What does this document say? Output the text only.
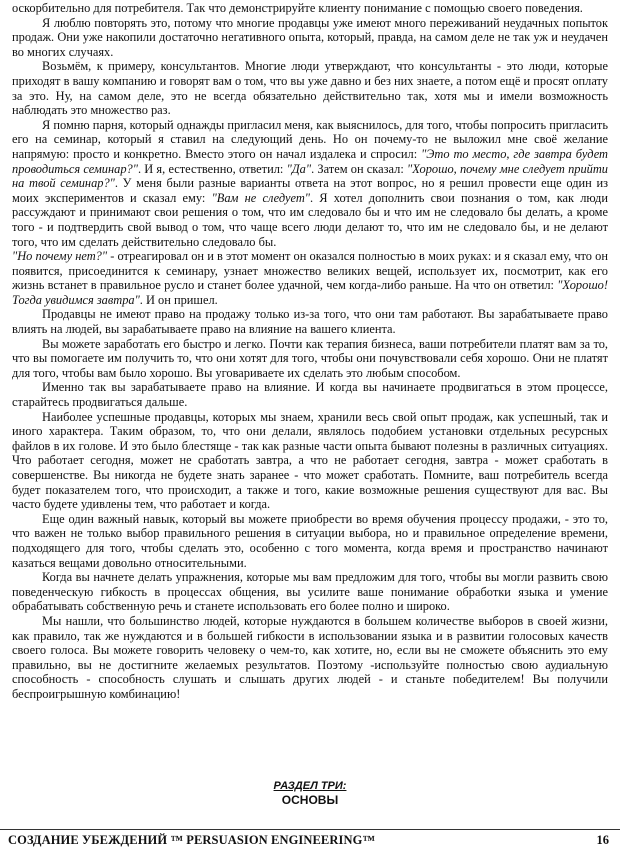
оскорбительно для потребителя. Так что демонстрируйте клиенту понимание с помощью своего поведения.

Я люблю повторять это, потому что многие продавцы уже имеют много переживаний неудачных попыток продаж. Они уже накопили достаточно негативного опыта, который, правда, на самом деле не так уж и неудачен во многих случаях.

Возьмём, к примеру, консультантов. Многие люди утверждают, что консультанты - это люди, которые приходят в вашу компанию и говорят вам о том, что вы уже давно и без них знаете, а потом ещё и просят оплату за это. Ну, на самом деле, это не всегда обязательно действительно так, хотя мы и имели возможность наблюдать это множество раз.

Я помню парня, который однажды пригласил меня, как выяснилось, для того, чтобы попросить пригласить его на семинар, который я ставил на следующий день. Но он почему-то не выложил мне своё желание напрямую: просто и конкретно. Вместо этого он начал издалека и спросил: "Это то место, где завтра будет проводиться семинар?". И я, естественно, ответил: "Да". Затем он сказал: "Хорошо, почему мне следует прийти на твой семинар?". У меня были разные варианты ответа на этот вопрос, но я решил провести еще один из моих экспериментов и сказал ему: "Вам не следует". Я хотел дополнить свои познания о том, как люди рассуждают и принимают свои решения о том, что им следовало бы и что им не следовало бы делать, а кроме того - и подтвердить свой вывод о том, что чаще всего люди делают то, что им не следовало бы, и не делают того, что им сделать действительно следовало бы.

"Но почему нет?" - отреагировал он и в этот момент он оказался полностью в моих руках: и я сказал ему, что он появится, присоединится к семинару, узнает множество великих вещей, использует их, посмотрит, как его жизнь встанет в правильное русло и станет более удачной, чем когда-либо раньше. На что он ответил: "Хорошо! Тогда увидимся завтра". И он пришел.

Продавцы не имеют право на продажу только из-за того, что они там работают. Вы зарабатываете право влиять на людей, вы зарабатываете право на влияние на вашего клиента.

Вы можете заработать его быстро и легко. Почти как терапия бизнеса, ваши потребители платят вам за то, что вы помогаете им получить то, что они хотят для того, чтобы они почувствовали себя хорошо. Они не платят для того, чтобы вам было хорошо. Вы уговариваете их сделать это любым способом.

Именно так вы зарабатываете право на влияние. И когда вы начинаете продвигаться в этом процессе, старайтесь продвигаться дальше.

Наиболее успешные продавцы, которых мы знаем, хранили весь свой опыт продаж, как успешный, так и иного характера. Таким образом, то, что они делали, являлось подобием установки отдельных ресурсных файлов в их голове. И это было блестяще - так как разные части опыта бывают полезны в различных ситуациях. Что работает сегодня, может не сработать завтра, а что не работает сегодня, завтра - может сработать в совершенстве. Вы никогда не будете знать заранее - что может сработать. Помните, ваш потребитель всегда будет показателем того, что происходит, а также и того, какие возможные решения существуют для вас. Вы часто будете удивлены тем, что работает и когда.

Еще один важный навык, который вы можете приобрести во время обучения процессу продажи, - это то, что важен не только выбор правильного решения в ситуации выбора, но и правильное определение времени, подходящего для того, чтобы сделать это, особенно с того момента, когда время и пространство начинают казаться вещами довольно относительными.

Когда вы начнете делать упражнения, которые мы вам предложим для того, чтобы вы могли развить свою поведенческую гибкость в процессах общения, вы усилите ваше понимание обработки языка и умение обрабатывать собственную речь и станете использовать его более полно и широко.

Мы нашли, что большинство людей, которые нуждаются в большем количестве выборов в своей жизни, как правило, так же нуждаются и в большей гибкости в использовании языка и в развитии голосовых качеств своего голоса. Вы можете говорить человеку о чем-то, как хотите, но, если вы не сможете объяснить это ему правильно, вы не достигните желаемых результатов. Поэтому -используйте полностью свою аудиальную способность - способность слушать и слышать других людей - и станьте победителем! Вы получили беспроигрышную комбинацию!

РАЗДЕЛ ТРИ:
ОСНОВЫ
СОЗДАНИЕ УБЕЖДЕНИЙ ™ PERSUASION ENGINEERING™	16
